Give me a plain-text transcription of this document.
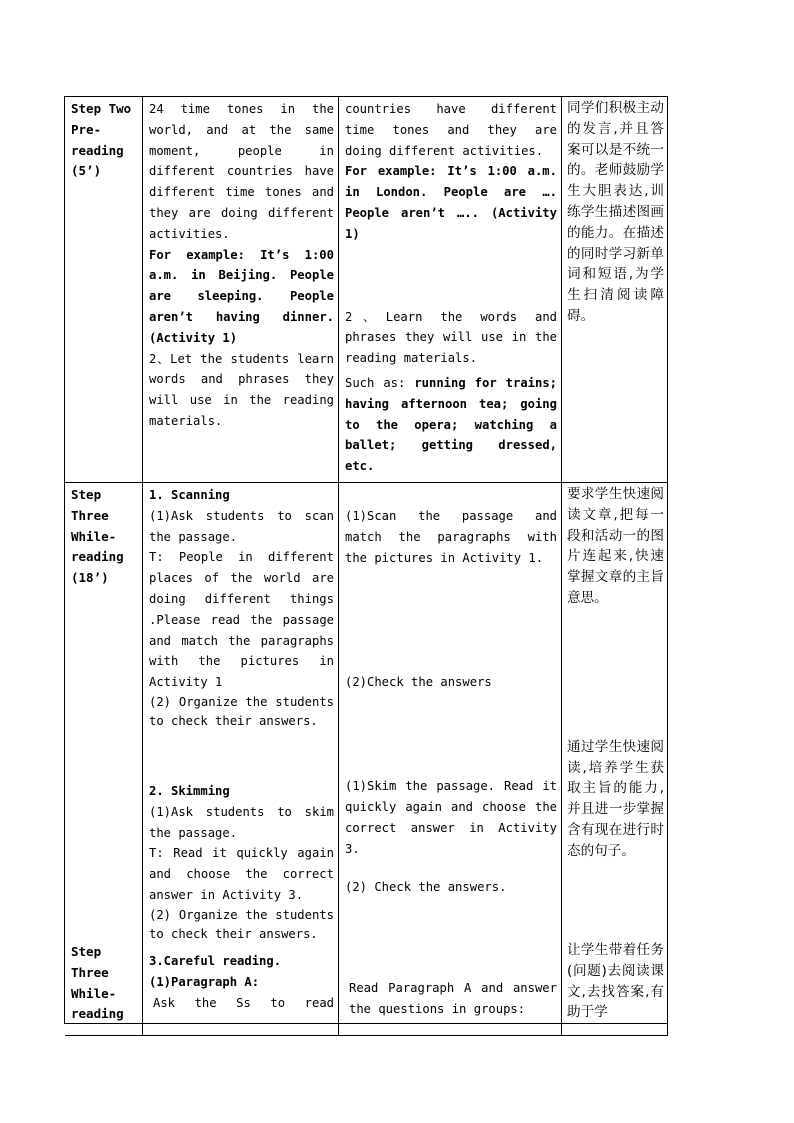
Step Two
Pre-
reading
(5’)
24 time tones in the world, and at the same moment, people in different countries have different time tones and they are doing different activities.
For example: It’s 1:00 a.m. in Beijing. People are sleeping. People aren’t having dinner. (Activity 1)
2、Let the students learn words and phrases they will use in the reading materials.
countries have different time tones and they are doing different activities.
For example: It’s 1:00 a.m. in London. People are …. People aren’t ….. (Activity 1)
2、Learn the words and phrases they will use in the reading materials.
Such as: running for trains; having afternoon tea; going to the opera; watching a ballet; getting dressed, etc.
同学们积极主动的发言,并且答案可以是不统一的。老师鼓励学生大胆表达,训练学生描述图画的能力。在描述的同时学习新单词和短语,为学生扫清阅读障碍。
Step
Three
While-
reading
(18’)
1. Scanning
(1)Ask students to scan the passage.
T: People in different places of the world are doing different things .Please read the passage and match the paragraphs with the pictures in Activity 1
(2) Organize the students to check their answers.
2. Skimming
(1)Ask students to skim the passage.
T: Read it quickly again and choose the correct answer in Activity 3.
(2) Organize the students to check their answers.
(1)Scan the passage and match the paragraphs with the pictures in Activity 1.
(2)Check the answers
(1)Skim the passage. Read it quickly again and choose the correct answer in Activity 3.
(2) Check the answers.
要求学生快速阅读文章,把每一段和活动一的图片连起来,快速掌握文章的主旨意思。
通过学生快速阅读,培养学生获取主旨的能力,并且进一步掌握含有现在进行时态的句子。
Step
Three
While-
reading
3.Careful reading.
(1)Paragraph A:
Ask the Ss to read
Read Paragraph A and answer the questions in groups:
让学生带着任务(问题)去阅读课文,去找答案,有助于学
